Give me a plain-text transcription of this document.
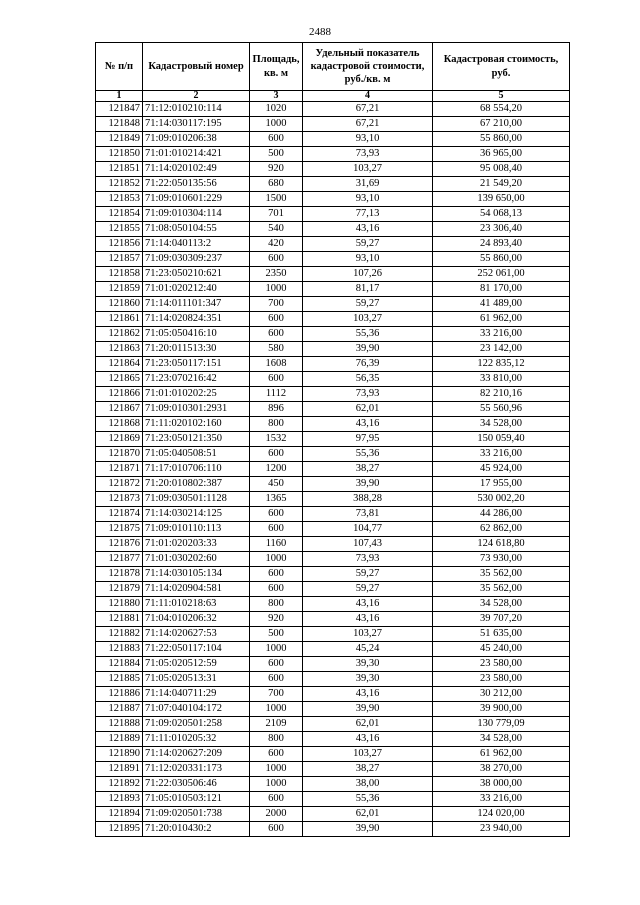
2488
№ п/п	Кадастровый номер	Площадь, кв. м	Удельный показатель кадастровой стоимости, руб./кв. м	Кадастровая стоимость, руб.
1	2	3	4	5
121847	71:12:010210:114	1020	67,21	68 554,20
121848	71:14:030117:195	1000	67,21	67 210,00
121849	71:09:010206:38	600	93,10	55 860,00
121850	71:01:010214:421	500	73,93	36 965,00
121851	71:14:020102:49	920	103,27	95 008,40
121852	71:22:050135:56	680	31,69	21 549,20
121853	71:09:010601:229	1500	93,10	139 650,00
121854	71:09:010304:114	701	77,13	54 068,13
121855	71:08:050104:55	540	43,16	23 306,40
121856	71:14:040113:2	420	59,27	24 893,40
121857	71:09:030309:237	600	93,10	55 860,00
121858	71:23:050210:621	2350	107,26	252 061,00
121859	71:01:020212:40	1000	81,17	81 170,00
121860	71:14:011101:347	700	59,27	41 489,00
121861	71:14:020824:351	600	103,27	61 962,00
121862	71:05:050416:10	600	55,36	33 216,00
121863	71:20:011513:30	580	39,90	23 142,00
121864	71:23:050117:151	1608	76,39	122 835,12
121865	71:23:070216:42	600	56,35	33 810,00
121866	71:01:010202:25	1112	73,93	82 210,16
121867	71:09:010301:2931	896	62,01	55 560,96
121868	71:11:020102:160	800	43,16	34 528,00
121869	71:23:050121:350	1532	97,95	150 059,40
121870	71:05:040508:51	600	55,36	33 216,00
121871	71:17:010706:110	1200	38,27	45 924,00
121872	71:20:010802:387	450	39,90	17 955,00
121873	71:09:030501:1128	1365	388,28	530 002,20
121874	71:14:030214:125	600	73,81	44 286,00
121875	71:09:010110:113	600	104,77	62 862,00
121876	71:01:020203:33	1160	107,43	124 618,80
121877	71:01:030202:60	1000	73,93	73 930,00
121878	71:14:030105:134	600	59,27	35 562,00
121879	71:14:020904:581	600	59,27	35 562,00
121880	71:11:010218:63	800	43,16	34 528,00
121881	71:04:010206:32	920	43,16	39 707,20
121882	71:14:020627:53	500	103,27	51 635,00
121883	71:22:050117:104	1000	45,24	45 240,00
121884	71:05:020512:59	600	39,30	23 580,00
121885	71:05:020513:31	600	39,30	23 580,00
121886	71:14:040711:29	700	43,16	30 212,00
121887	71:07:040104:172	1000	39,90	39 900,00
121888	71:09:020501:258	2109	62,01	130 779,09
121889	71:11:010205:32	800	43,16	34 528,00
121890	71:14:020627:209	600	103,27	61 962,00
121891	71:12:020331:173	1000	38,27	38 270,00
121892	71:22:030506:46	1000	38,00	38 000,00
121893	71:05:010503:121	600	55,36	33 216,00
121894	71:09:020501:738	2000	62,01	124 020,00
121895	71:20:010430:2	600	39,90	23 940,00
